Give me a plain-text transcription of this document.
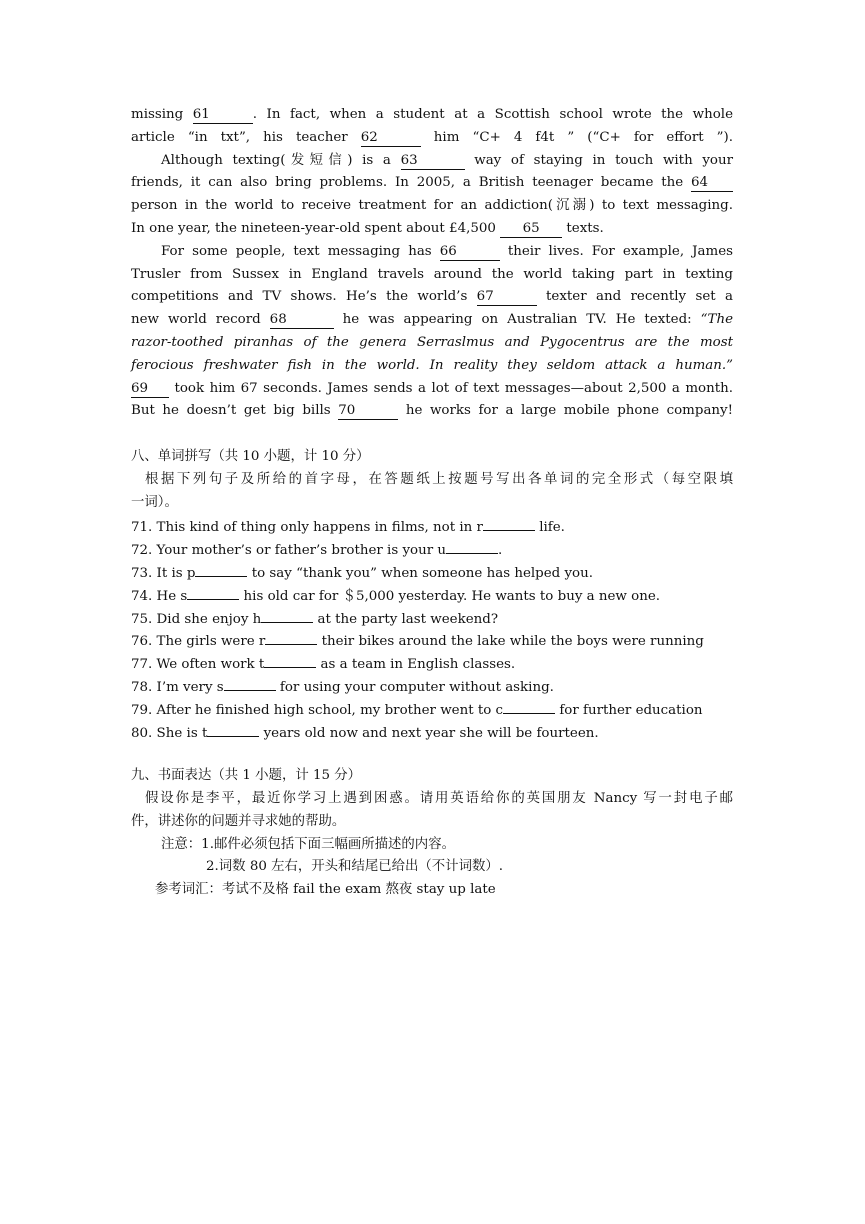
missing 61	. In fact, when a student at a Scottish school wrote the whole
article “in txt”, his teacher 62	him “C+ 4 f4t ” (“C+ for effort ”).
Although texting(发短信) is a 63	way of staying in touch with your
friends, it can also bring problems. In 2005, a British teenager became the 64
person in the world to receive treatment for an addiction(沉溺) to text messaging.
In one year, the nineteen-year-old spent about £4,500 65 texts.
For some people, text messaging has 66	their lives. For example, James
Trusler from Sussex in England travels around the world taking part in texting
competitions and TV shows. He’s the world’s 67	texter and recently set a
new world record 68	he was appearing on Australian TV. He texted: “The
razor-toothed piranhas of the genera Serraslmus and Pygocentrus are the most
ferocious freshwater fish in the world. In reality they seldom attack a human.”
69 took him 67 seconds. James sends a lot of text messages—about 2,500 a month.
But he doesn’t get big bills 70	he works for a large mobile phone company!
八、单词拼写（共 10 小题，计 10 分）
根据下列句子及所给的首字母，在答题纸上按题号写出各单词的完全形式（每空限填
一词）。
71. This kind of thing only happens in films, not in r	life.
72. Your mother’s or father’s brother is your u	.
73. It is p	to say “thank you” when someone has helped you.
74. He s	his old car for ＄5,000 yesterday. He wants to buy a new one.
75. Did she enjoy h	at the party last weekend?
76. The girls were r	their bikes around the lake while the boys were running
77. We often work t	as a team in English classes.
78. I’m very s	for using your computer without asking.
79. After he finished high school, my brother went to c	for further education
80. She is t	years old now and next year she will be fourteen.
九、书面表达（共 1 小题，计 15 分）
假设你是李平，最近你学习上遇到困惑。请用英语给你的英国朋友 Nancy 写一封电子邮
件，讲述你的问题并寻求她的帮助。
注意：1.邮件必须包括下面三幅画所描述的内容。
2.词数 80 左右，开头和结尾已给出（不计词数）.
参考词汇：考试不及格 fail the exam 熬夜 stay up late
